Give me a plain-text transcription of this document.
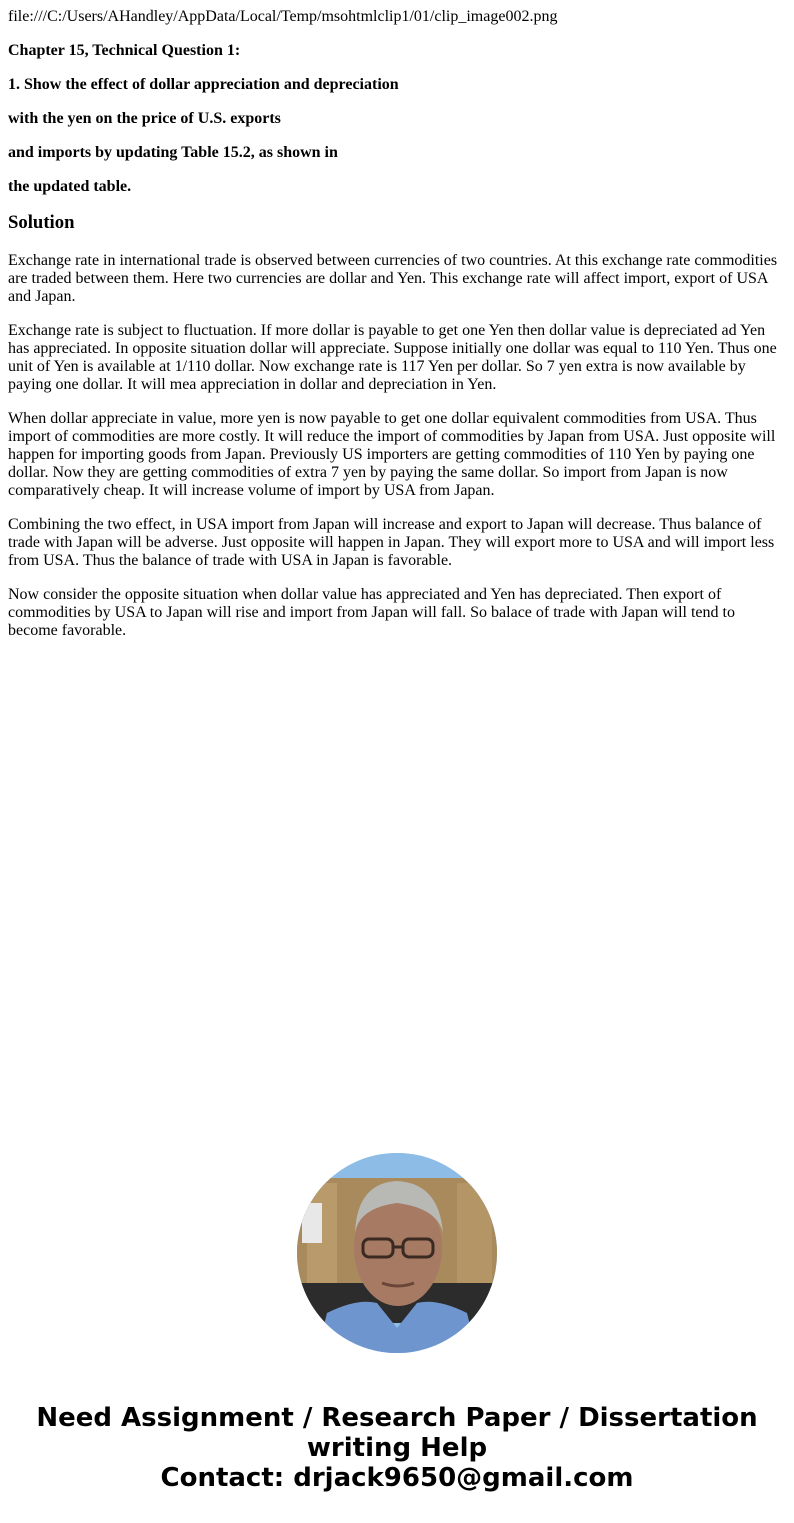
file:///C:/Users/AHandley/AppData/Local/Temp/msohtmlclip1/01/clip_image002.png
Chapter 15, Technical Question 1:
1. Show the effect of dollar appreciation and depreciation
with the yen on the price of U.S. exports
and imports by updating Table 15.2, as shown in
the updated table.
Solution

Exchange rate in international trade is observed between currencies of two countries. At this exchange rate commodities are traded between them. Here two currencies are dollar and Yen. This exchange rate will affect import, export of USA and Japan.

Exchange rate is subject to fluctuation. If more dollar is payable to get one Yen then dollar value is depreciated ad Yen has appreciated. In opposite situation dollar will appreciate. Suppose initially one dollar was equal to 110 Yen. Thus one unit of Yen is available at 1/110 dollar. Now exchange rate is 117 Yen per dollar. So 7 yen extra is now available by paying one dollar. It will mea appreciation in dollar and depreciation in Yen.

When dollar appreciate in value, more yen is now payable to get one dollar equivalent commodities from USA. Thus import of commodities are more costly. It will reduce the import of commodities by Japan from USA. Just opposite will happen for importing goods from Japan. Previously US importers are getting commodities of 110 Yen by paying one dollar. Now they are getting commodities of extra 7 yen by paying the same dollar. So import from Japan is now comparatively cheap. It will increase volume of import by USA from Japan.

Combining the two effect, in USA import from Japan will increase and export to Japan will decrease. Thus balance of trade with Japan will be adverse. Just opposite will happen in Japan. They will export more to USA and will import less from USA. Thus the balance of trade with USA in Japan is favorable.

Now consider the opposite situation when dollar value has appreciated and Yen has depreciated. Then export of commodities by USA to Japan will rise and import from Japan will fall. So balace of trade with Japan will tend to become favorable.

Need Assignment / Research Paper / Dissertation
writing Help
Contact: drjack9650@gmail.com
